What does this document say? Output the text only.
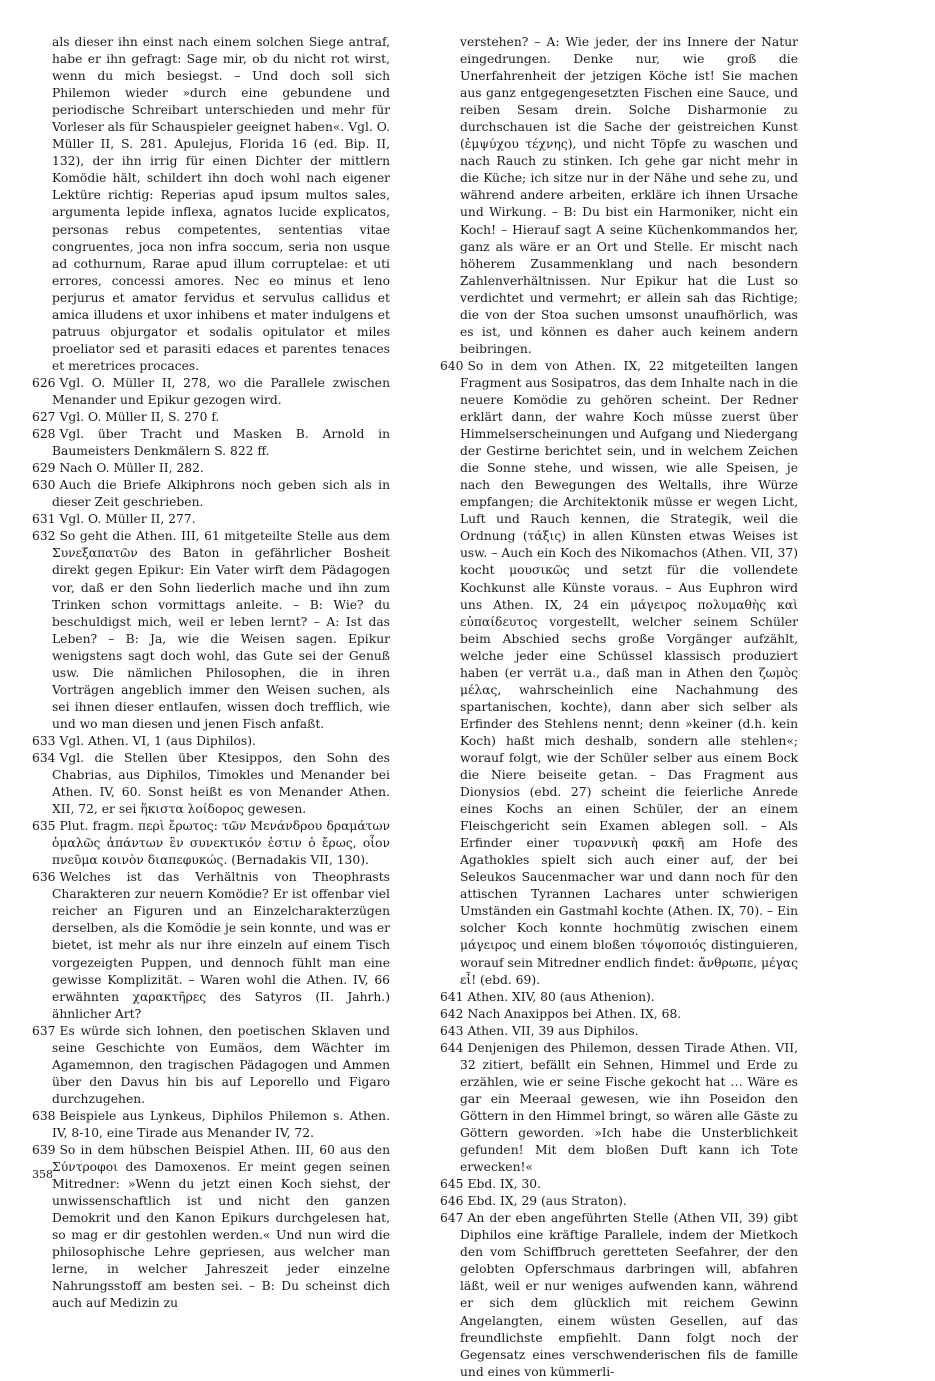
als dieser ihn einst nach einem solchen Siege antraf, habe er ihn gefragt: Sage mir, ob du nicht rot wirst, wenn du mich besiegst. – Und doch soll sich Philemon wieder »durch eine gebundene und periodische Schreibart unterschieden und mehr für Vorleser als für Schauspieler geeignet haben«. Vgl. O. Müller II, S. 281. Apulejus, Florida 16 (ed. Bip. II, 132), der ihn irrig für einen Dichter der mittlern Komödie hält, schildert ihn doch wohl nach eigener Lektüre richtig: Reperias apud ipsum multos sales, argumenta lepide inflexa, agnatos lucide explicatos, personas rebus competentes, sententias vitae congruentes, joca non infra soccum, seria non usque ad cothurnum, Rarae apud illum corruptelae: et uti errores, concessi amores. Nec eo minus et leno perjurus et amator fervidus et servulus callidus et amica illudens et uxor inhibens et mater indulgens et patruus objurgator et sodalis opitulator et miles proeliator sed et parasiti edaces et parentes tenaces et meretrices procaces.

626 Vgl. O. Müller II, 278, wo die Parallele zwischen Menander und Epikur gezogen wird.

627 Vgl. O. Müller II, S. 270 f.

628 Vgl. über Tracht und Masken B. Arnold in Baumeisters Denkmälern S. 822 ff.

629 Nach O. Müller II, 282.

630 Auch die Briefe Alkiphrons noch geben sich als in dieser Zeit geschrieben.

631 Vgl. O. Müller II, 277.

632 So geht die Athen. III, 61 mitgeteilte Stelle aus dem Συνεξαπατῶν des Baton in gefährlicher Bosheit direkt gegen Epikur: Ein Vater wirft dem Pädagogen vor, daß er den Sohn liederlich mache und ihn zum Trinken schon vormittags anleite. – B: Wie? du beschuldigst mich, weil er leben lernt? – A: Ist das Leben? – B: Ja, wie die Weisen sagen. Epikur wenigstens sagt doch wohl, das Gute sei der Genuß usw. Die nämlichen Philosophen, die in ihren Vorträgen angeblich immer den Weisen suchen, als sei ihnen dieser entlaufen, wissen doch trefflich, wie und wo man diesen und jenen Fisch anfaßt.

633 Vgl. Athen. VI, 1 (aus Diphilos).

634 Vgl. die Stellen über Ktesippos, den Sohn des Chabrias, aus Diphilos, Timokles und Menander bei Athen. IV, 60. Sonst heißt es von Menander Athen. XII, 72, er sei ἥκιστα λοίδορος gewesen.

635 Plut. fragm. περὶ ἔρωτος: τῶν Μενάνδρου δραμάτων ὁμαλῶς ἁπάντων ἓν συνεκτικόν ἐστιν ὁ ἔρως, οἷον πνεῦμα κοινὸν διαπεφυκώς. (Bernadakis VII, 130).

636 Welches ist das Verhältnis von Theophrasts Charakteren zur neuern Komödie? Er ist offenbar viel reicher an Figuren und an Einzelcharakterzügen derselben, als die Komödie je sein konnte, und was er bietet, ist mehr als nur ihre einzeln auf einem Tisch vorgezeigten Puppen, und dennoch fühlt man eine gewisse Komplizität. – Waren wohl die Athen. IV, 66 erwähnten χαρακτῆρες des Satyros (II. Jahrh.) ähnlicher Art?

637 Es würde sich lohnen, den poetischen Sklaven und seine Geschichte von Eumäos, dem Wächter im Agamemnon, den tragischen Pädagogen und Ammen über den Davus hin bis auf Leporello und Figaro durchzugehen.

638 Beispiele aus Lynkeus, Diphilos Philemon s. Athen. IV, 8-10, eine Tirade aus Menander IV, 72.

639 So in dem hübschen Beispiel Athen. III, 60 aus den Σύντροφοι des Damoxenos. Er meint gegen seinen Mitredner: »Wenn du jetzt einen Koch siehst, der unwissenschaftlich ist und nicht den ganzen Demokrit und den Kanon Epikurs durchgelesen hat, so mag er dir gestohlen werden.« Und nun wird die philosophische Lehre gepriesen, aus welcher man lerne, in welcher Jahreszeit jeder einzelne Nahrungsstoff am besten sei. – B: Du scheinst dich auch auf Medizin zu

verstehen? – A: Wie jeder, der ins Innere der Natur eingedrungen. Denke nur, wie groß die Unerfahrenheit der jetzigen Köche ist! Sie machen aus ganz entgegengesetzten Fischen eine Sauce, und reiben Sesam drein. Solche Disharmonie zu durchschauen ist die Sache der geistreichen Kunst (ἐμψύχου τέχνης), und nicht Töpfe zu waschen und nach Rauch zu stinken. Ich gehe gar nicht mehr in die Küche; ich sitze nur in der Nähe und sehe zu, und während andere arbeiten, erkläre ich ihnen Ursache und Wirkung. – B: Du bist ein Harmoniker, nicht ein Koch! – Hierauf sagt A seine Küchenkommandos her, ganz als wäre er an Ort und Stelle. Er mischt nach höherem Zusammenklang und nach besondern Zahlenverhältnissen. Nur Epikur hat die Lust so verdichtet und vermehrt; er allein sah das Richtige; die von der Stoa suchen umsonst unaufhörlich, was es ist, und können es daher auch keinem andern beibringen.

640 So in dem von Athen. IX, 22 mitgeteilten langen Fragment aus Sosipatros, das dem Inhalte nach in die neuere Komödie zu gehören scheint. Der Redner erklärt dann, der wahre Koch müsse zuerst über Himmelserscheinungen und Aufgang und Niedergang der Gestirne berichtet sein, und in welchem Zeichen die Sonne stehe, und wissen, wie alle Speisen, je nach den Bewegungen des Weltalls, ihre Würze empfangen; die Architektonik müsse er wegen Licht, Luft und Rauch kennen, die Strategik, weil die Ordnung (τάξις) in allen Künsten etwas Weises ist usw. – Auch ein Koch des Nikomachos (Athen. VII, 37) kocht μουσικῶς und setzt für die vollendete Kochkunst alle Künste voraus. – Aus Euphron wird uns Athen. IX, 24 ein μάγειρος πολυμαθὴς καὶ εὐπαίδευτος vorgestellt, welcher seinem Schüler beim Abschied sechs große Vorgänger aufzählt, welche jeder eine Schüssel klassisch produziert haben (er verrät u.a., daß man in Athen den ζωμὸς μέλας, wahrscheinlich eine Nachahmung des spartanischen, kochte), dann aber sich selber als Erfinder des Stehlens nennt; denn »keiner (d.h. kein Koch) haßt mich deshalb, sondern alle stehlen«; worauf folgt, wie der Schüler selber aus einem Bock die Niere beiseite getan. – Das Fragment aus Dionysios (ebd. 27) scheint die feierliche Anrede eines Kochs an einen Schüler, der an einem Fleischgericht sein Examen ablegen soll. – Als Erfinder einer τυραννικὴ φακῆ am Hofe des Agathokles spielt sich auch einer auf, der bei Seleukos Saucenmacher war und dann noch für den attischen Tyrannen Lachares unter schwierigen Umständen ein Gastmahl kochte (Athen. IX, 70). – Ein solcher Koch konnte hochmütig zwischen einem μάγειρος und einem bloßen τόψοποιός distinguieren, worauf sein Mitredner endlich findet: ἄνθρωπε, μέγας εἶ! (ebd. 69).

641 Athen. XIV, 80 (aus Athenion).

642 Nach Anaxippos bei Athen. IX, 68.

643 Athen. VII, 39 aus Diphilos.

644 Denjenigen des Philemon, dessen Tirade Athen. VII, 32 zitiert, befällt ein Sehnen, Himmel und Erde zu erzählen, wie er seine Fische gekocht hat … Wäre es gar ein Meeraal gewesen, wie ihn Poseidon den Göttern in den Himmel bringt, so wären alle Gäste zu Göttern geworden. »Ich habe die Unsterblichkeit gefunden! Mit dem bloßen Duft kann ich Tote erwecken!«

645 Ebd. IX, 30.

646 Ebd. IX, 29 (aus Straton).

647 An der eben angeführten Stelle (Athen VII, 39) gibt Diphilos eine kräftige Parallele, indem der Mietkoch den vom Schiffbruch geretteten Seefahrer, der den gelobten Opferschmaus darbringen will, abfahren läßt, weil er nur weniges aufwenden kann, während er sich dem glücklich mit reichem Gewinn Angelangten, einem wüsten Gesellen, auf das freundlichste empfiehlt. Dann folgt noch der Gegensatz eines verschwenderischen fils de famille und eines von kümmerli-

358
